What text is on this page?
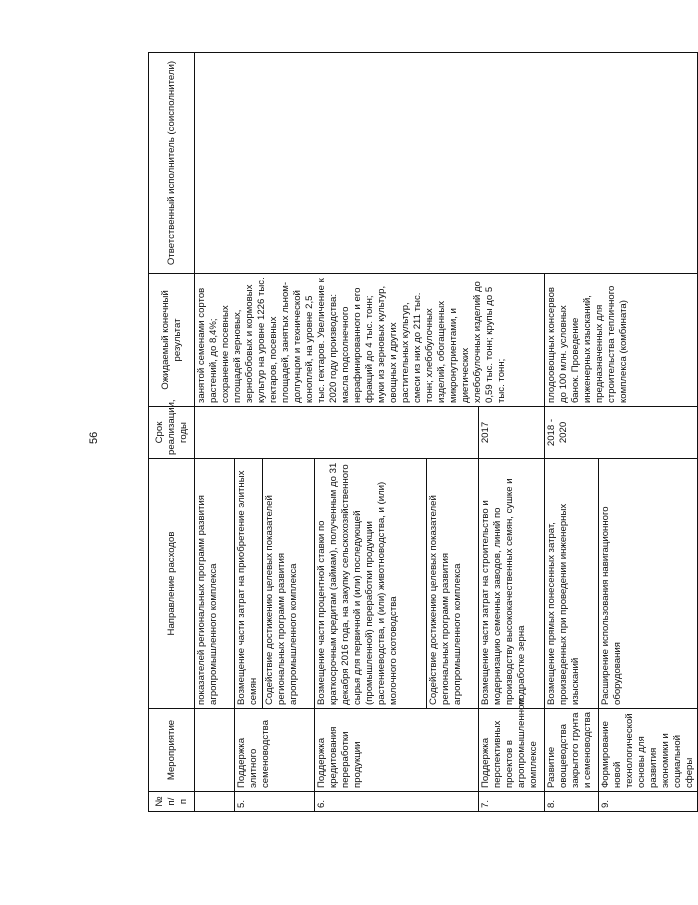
56
№
п/п	Мероприятие	Направление расходов	Срок реализации, годы	Ожидаемый конечный результат	Ответственный исполнитель (соисполнители)
		показателей региональных программ развития агропромышленного комплекса		занятой семенами сортов растений, до 8,4%; сохранение посевных площадей зерновых, зернобобовых и кормовых культур на уровне 1226 тыс. гектаров, посевных площадей, занятых льном-долгунцом и технической коноплей, на уровне 2,5 тыс. гектаров. Увеличение к 2020 году производства: масла подсолнечного нерафинированного и его фракций до 4 тыс. тонн; муки из зерновых культур, овощных и других растительных культур, смеси из них до 211 тыс. тонн; хлебобулочных изделий, обогащенных микронутриентами, и диетических хлебобулочных изделий до 0,59 тыс. тонн; крупы до 5 тыс. тонн;	
5.	Поддержка элитного семеноводства	Возмещение части затрат на приобретение элитных семян			
		Содействие достижению целевых показателей региональных программ развития агропромышленного комплекса			
6.	Поддержка кредитования переработки продукции	Возмещение части процентной ставки по краткосрочным кредитам (займам), полученным до 31 декабря 2016 года, на закупку сельскохозяйственного сырья для первичной и (или) последующей (промышленной) переработки продукции растениеводства, и (или) животноводства, и (или) молочного скотоводства			
		Содействие достижению целевых показателей региональных программ развития агропромышленного комплекса			
7.	Поддержка перспективных проектов в агропромышленном комплексе	Возмещение части затрат на строительство и модернизацию семенных заводов, линий по производству высококачественных семян, сушке и подработке зерна	2017		
8.	Развитие овощеводства закрытого грунта и семеноводства	Возмещение прямых понесенных затрат, произведенных при проведении инженерных изысканий	2018 - 2020	плодоовощных консервов до 100 млн. условных банок. Проведение инженерных изысканий, предназначенных для строительства тепличного комплекса (комбината)	
9.	Формирование новой технологической основы для развития экономики и социальной сферы	Расширение использования навигационного оборудования			
